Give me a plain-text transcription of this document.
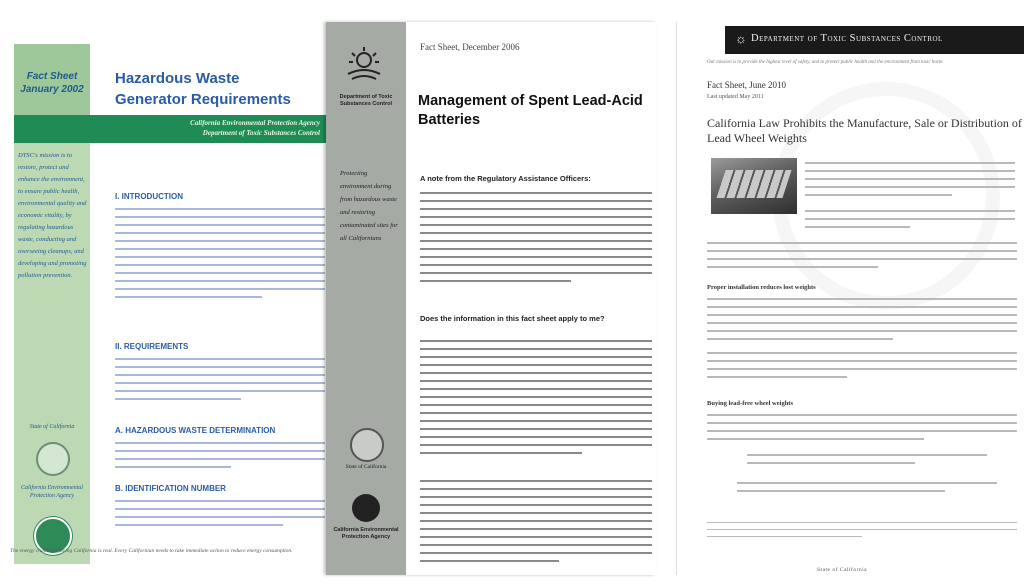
Fact Sheet
January 2002

Hazardous Waste
Generator Requirements

California Environmental Protection Agency
Department of Toxic Substances Control

DTSC's mission is to restore, protect and enhance the environment, to ensure public health, environmental quality and economic vitality, by regulating hazardous waste, conducting and overseeing cleanups, and developing and promoting pollution prevention.

I. INTRODUCTION

II. REQUIREMENTS

A. HAZARDOUS WASTE DETERMINATION

B. IDENTIFICATION NUMBER

State of California

California Environmental Protection Agency

The energy challenge facing California is real. Every Californian needs to take immediate action to reduce energy consumption.

Department of Toxic Substances Control

Protecting environment during from hazardous waste and restoring contaminated sites for all Californians

State of California

California Environmental Protection Agency

Fact Sheet, December 2006

Management of Spent Lead-Acid
Batteries

A note from the Regulatory Assistance Officers:

Does the information in this fact sheet apply to me?

☼ Department of Toxic Substances Control

Our mission is to provide the highest level of safety, and to protect public health and the environment from toxic harm.

Fact Sheet, June 2010

Last updated May 2011

California Law Prohibits the Manufacture, Sale or Distribution of
Lead Wheel Weights

Proper installation reduces lost weights

Buying lead-free wheel weights

State of California
